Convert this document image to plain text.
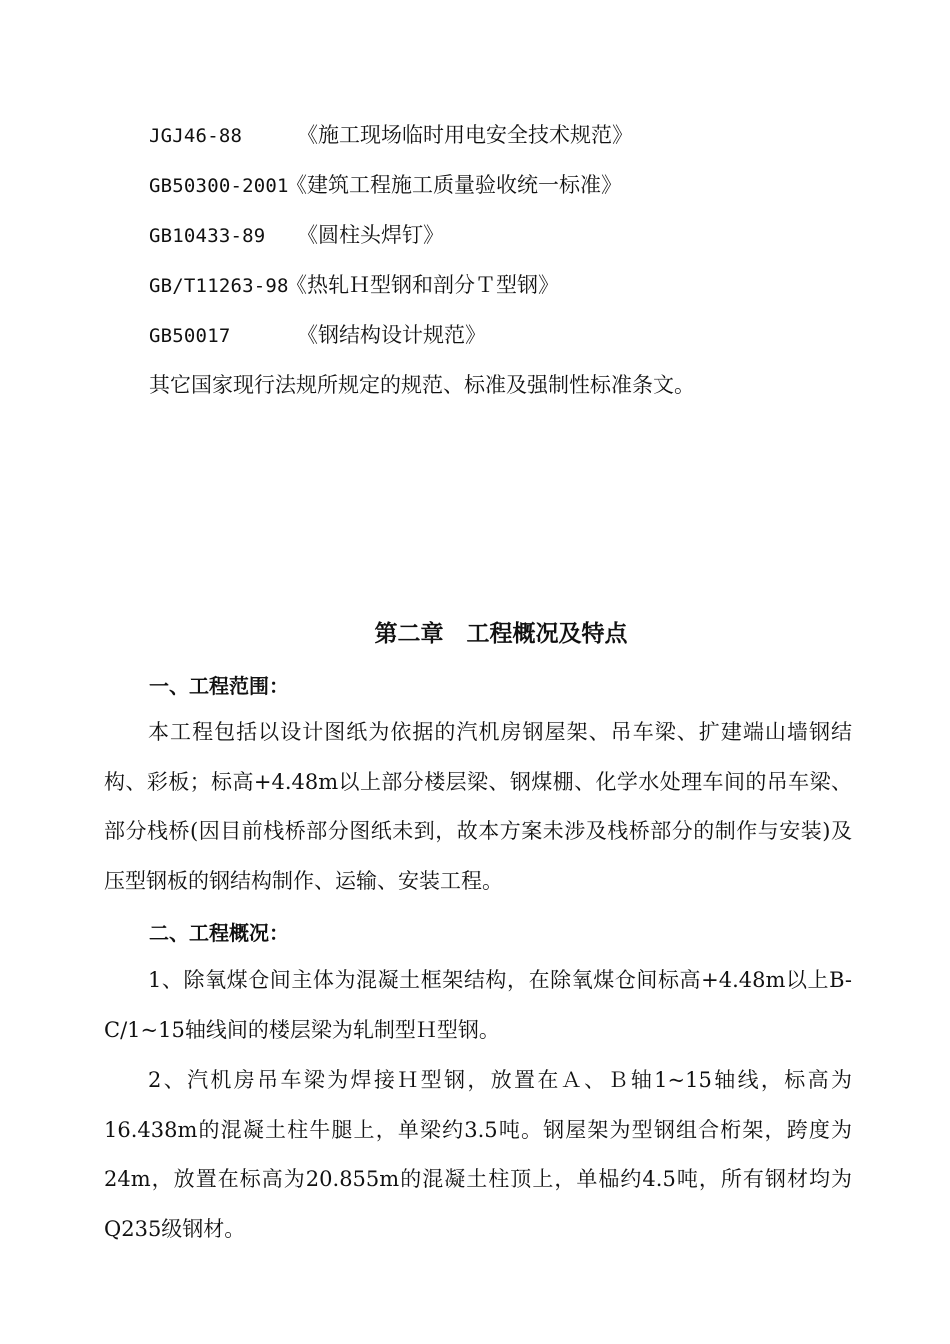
JGJ46-88	《施工现场临时用电安全技术规范》
GB50300-2001《建筑工程施工质量验收统一标准》
GB10433-89 《圆柱头焊钉》
GB/T11263-98《热轧Ｈ型钢和剖分Ｔ型钢》
GB50017	《钢结构设计规范》
其它国家现行法规所规定的规范、标准及强制性标准条文。
第二章　工程概况及特点
一、工程范围：

本工程包括以设计图纸为依据的汽机房钢屋架、吊车梁、扩建端山墙钢结构、彩板；标高+4.48m以上部分楼层梁、钢煤棚、化学水处理车间的吊车梁、部分栈桥(因目前栈桥部分图纸未到，故本方案未涉及栈桥部分的制作与安装)及压型钢板的钢结构制作、运输、安装工程。

二、工程概况：

1、除氧煤仓间主体为混凝土框架结构，在除氧煤仓间标高+4.48m以上B-C/1~15轴线间的楼层梁为轧制型Ｈ型钢。

2、汽机房吊车梁为焊接Ｈ型钢，放置在Ａ、Ｂ轴1~15轴线，标高为16.438m的混凝土柱牛腿上，单梁约3.5吨。钢屋架为型钢组合桁架，跨度为24m，放置在标高为20.855m的混凝土柱顶上，单榀约4.5吨，所有钢材均为Q235级钢材。
